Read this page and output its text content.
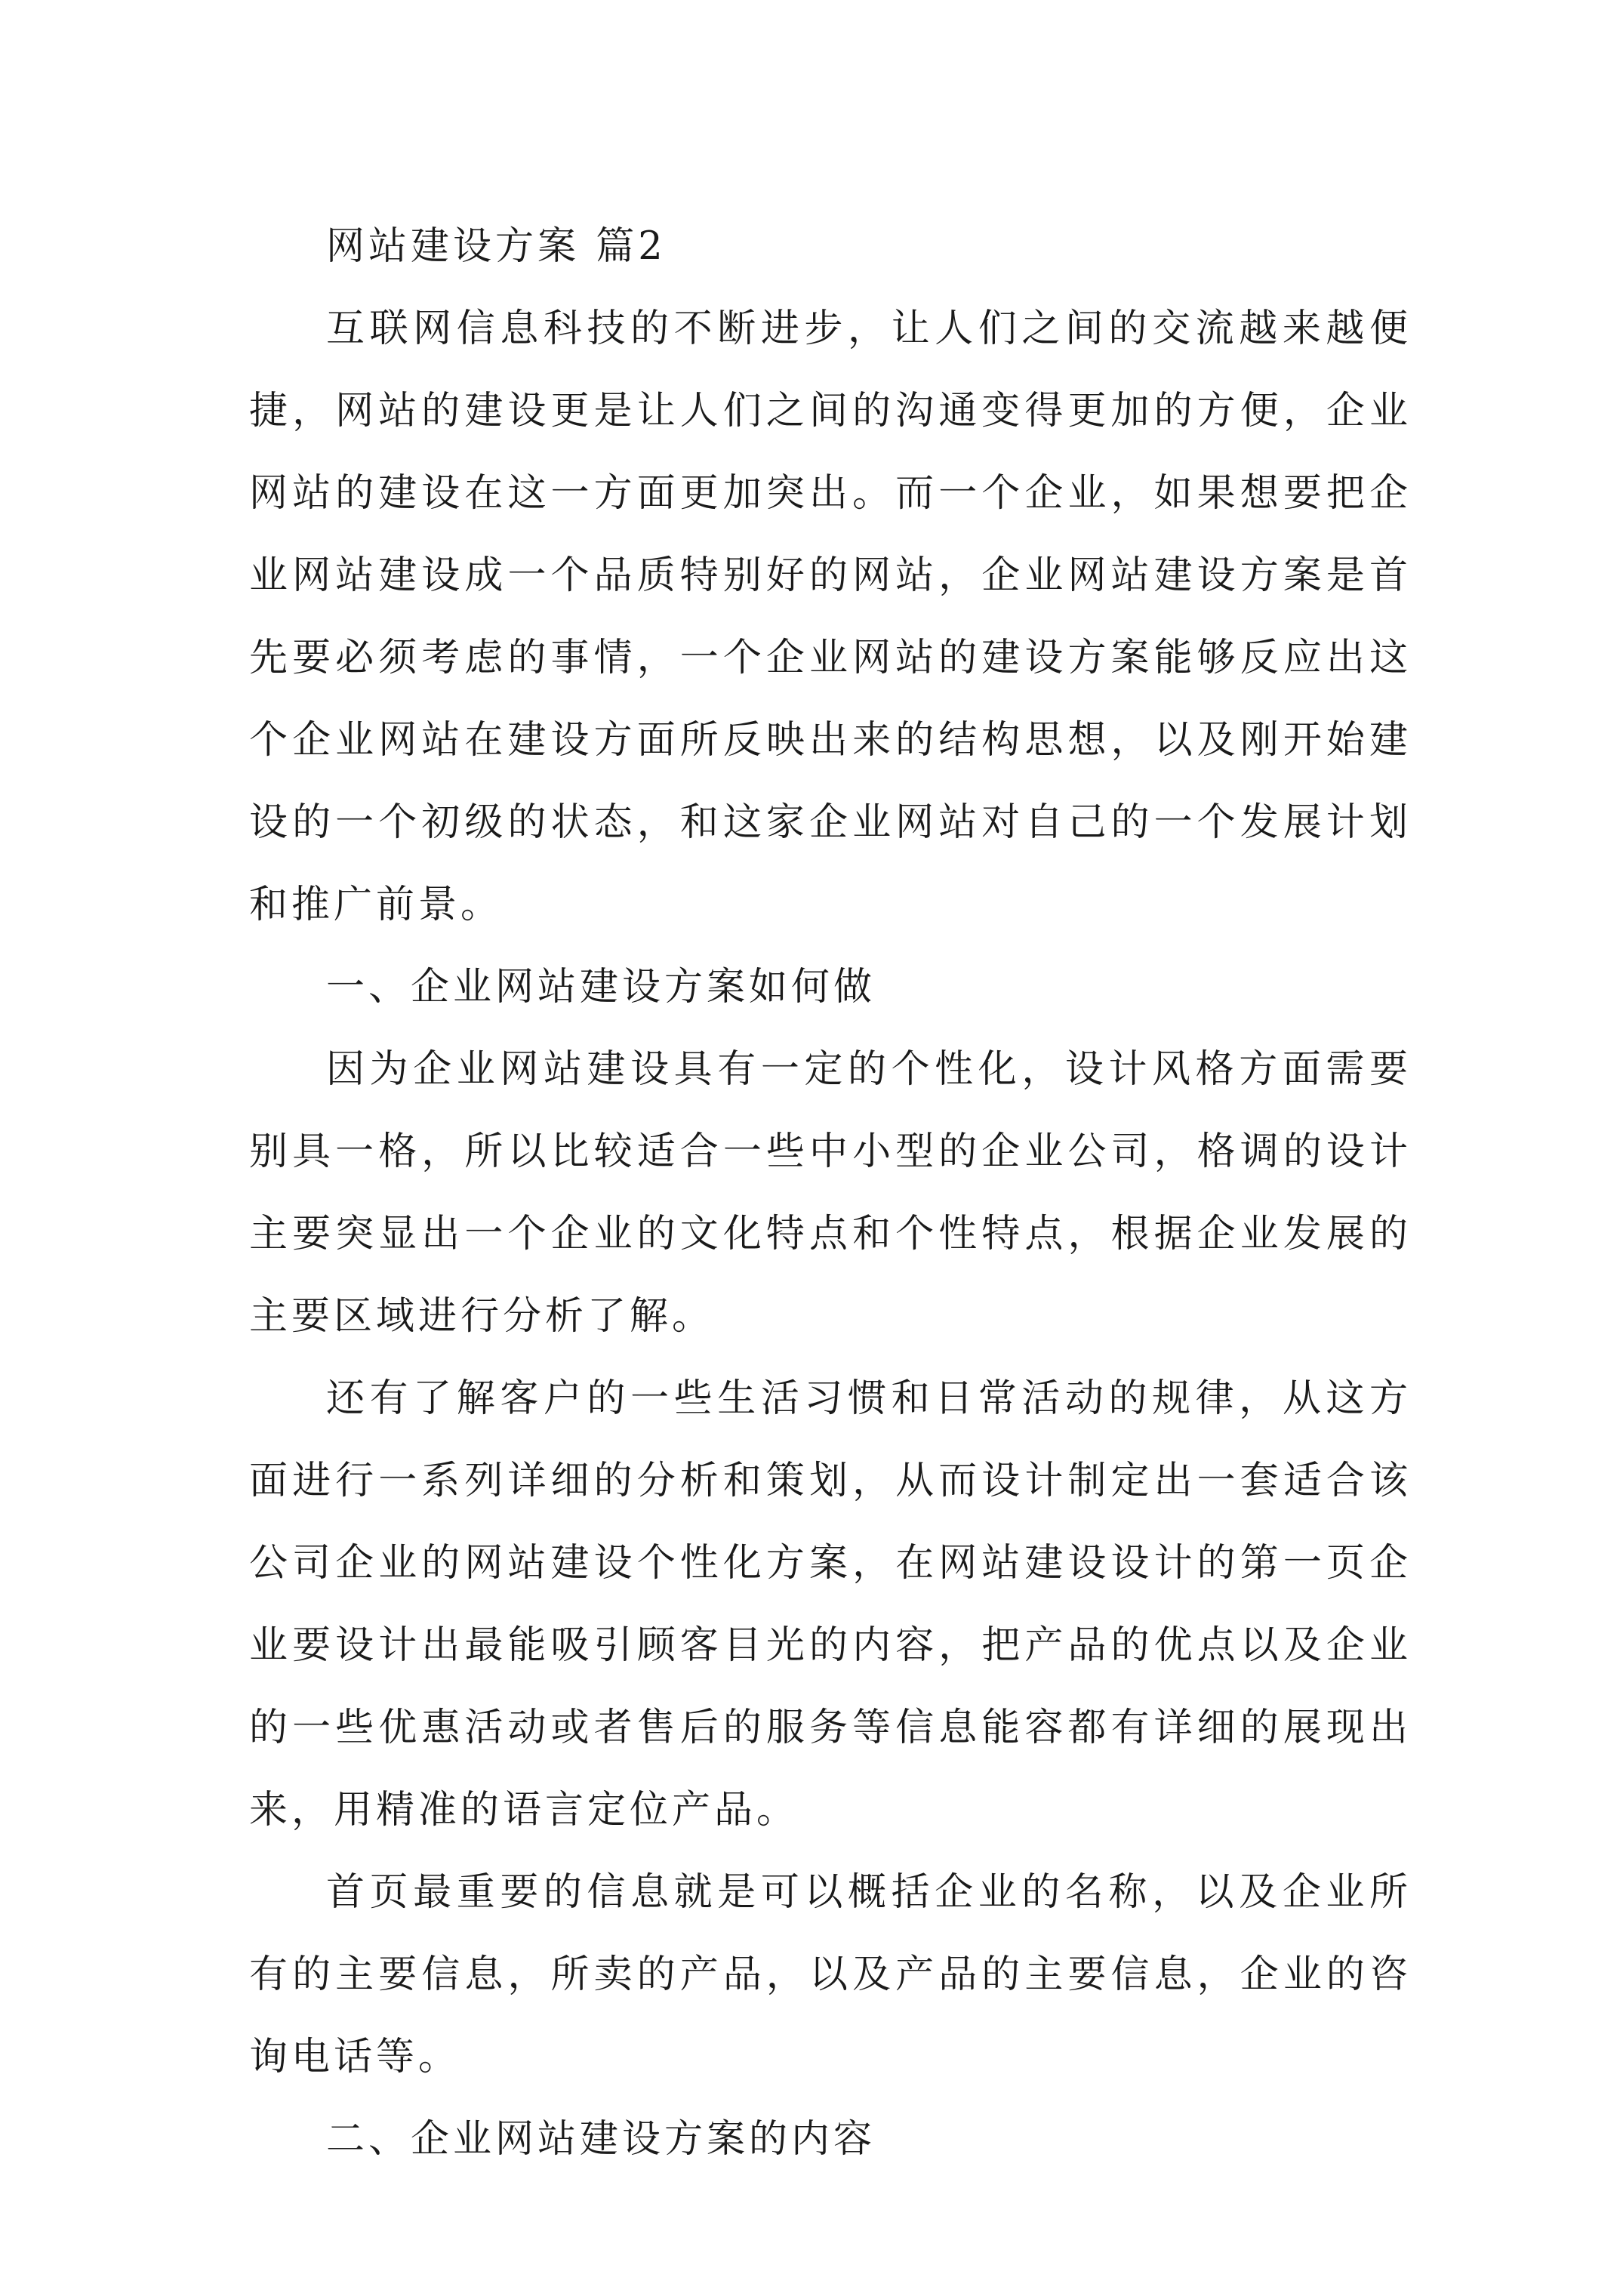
网站建设方案 篇2

互联网信息科技的不断进步，让人们之间的交流越来越便捷，网站的建设更是让人们之间的沟通变得更加的方便，企业网站的建设在这一方面更加突出。而一个企业，如果想要把企业网站建设成一个品质特别好的网站，企业网站建设方案是首先要必须考虑的事情，一个企业网站的建设方案能够反应出这个企业网站在建设方面所反映出来的结构思想，以及刚开始建设的一个初级的状态，和这家企业网站对自己的一个发展计划和推广前景。

一、企业网站建设方案如何做

因为企业网站建设具有一定的个性化，设计风格方面需要别具一格，所以比较适合一些中小型的企业公司，格调的设计主要突显出一个企业的文化特点和个性特点，根据企业发展的主要区域进行分析了解。

还有了解客户的一些生活习惯和日常活动的规律，从这方面进行一系列详细的分析和策划，从而设计制定出一套适合该公司企业的网站建设个性化方案，在网站建设设计的第一页企业要设计出最能吸引顾客目光的内容，把产品的优点以及企业的一些优惠活动或者售后的服务等信息能容都有详细的展现出来，用精准的语言定位产品。

首页最重要的信息就是可以概括企业的名称，以及企业所有的主要信息，所卖的产品，以及产品的主要信息，企业的咨询电话等。

二、企业网站建设方案的内容
